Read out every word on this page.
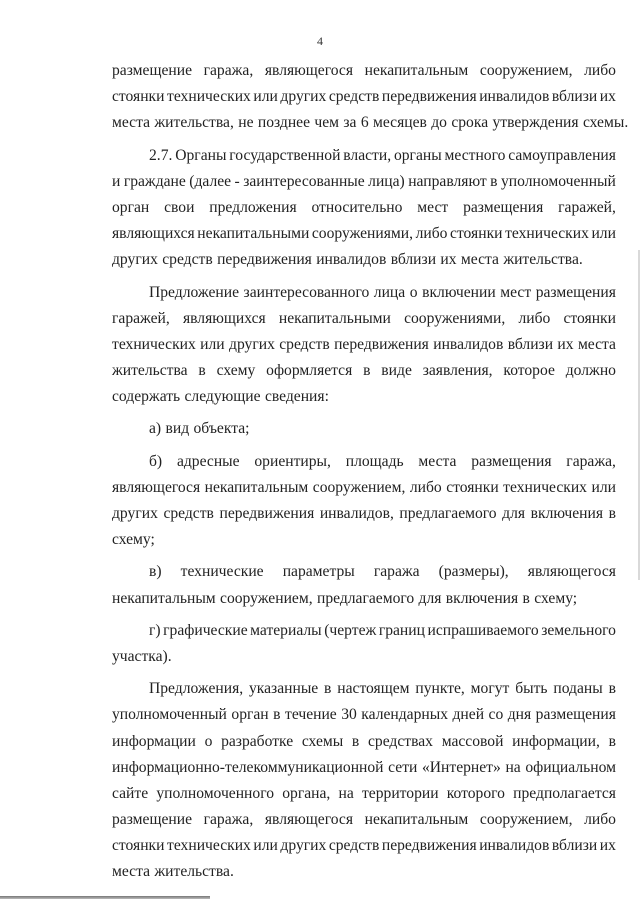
4
размещение гаража, являющегося некапитальным сооружением, либо
стоянки технических или других средств передвижения инвалидов вблизи их
места жительства, не позднее чем за 6 месяцев до срока утверждения схемы.
2.7. Органы государственной власти, органы местного самоуправления
и граждане (далее - заинтересованные лица) направляют в уполномоченный
орган свои предложения относительно мест размещения гаражей,
являющихся некапитальными сооружениями, либо стоянки технических или
других средств передвижения инвалидов вблизи их места жительства.
Предложение заинтересованного лица о включении мест размещения
гаражей, являющихся некапитальными сооружениями, либо стоянки
технических или других средств передвижения инвалидов вблизи их места
жительства в схему оформляется в виде заявления, которое должно
содержать следующие сведения:
а) вид объекта;
б) адресные ориентиры, площадь места размещения гаража,
являющегося некапитальным сооружением, либо стоянки технических или
других средств передвижения инвалидов, предлагаемого для включения в
схему;
в) технические параметры гаража (размеры), являющегося
некапитальным сооружением, предлагаемого для включения в схему;
г) графические материалы (чертеж границ испрашиваемого земельного
участка).
Предложения, указанные в настоящем пункте, могут быть поданы в
уполномоченный орган в течение 30 календарных дней со дня размещения
информации о разработке схемы в средствах массовой информации, в
информационно-телекоммуникационной сети «Интернет» на официальном
сайте уполномоченного органа, на территории которого предполагается
размещение гаража, являющегося некапитальным сооружением, либо
стоянки технических или других средств передвижения инвалидов вблизи их
места жительства.
